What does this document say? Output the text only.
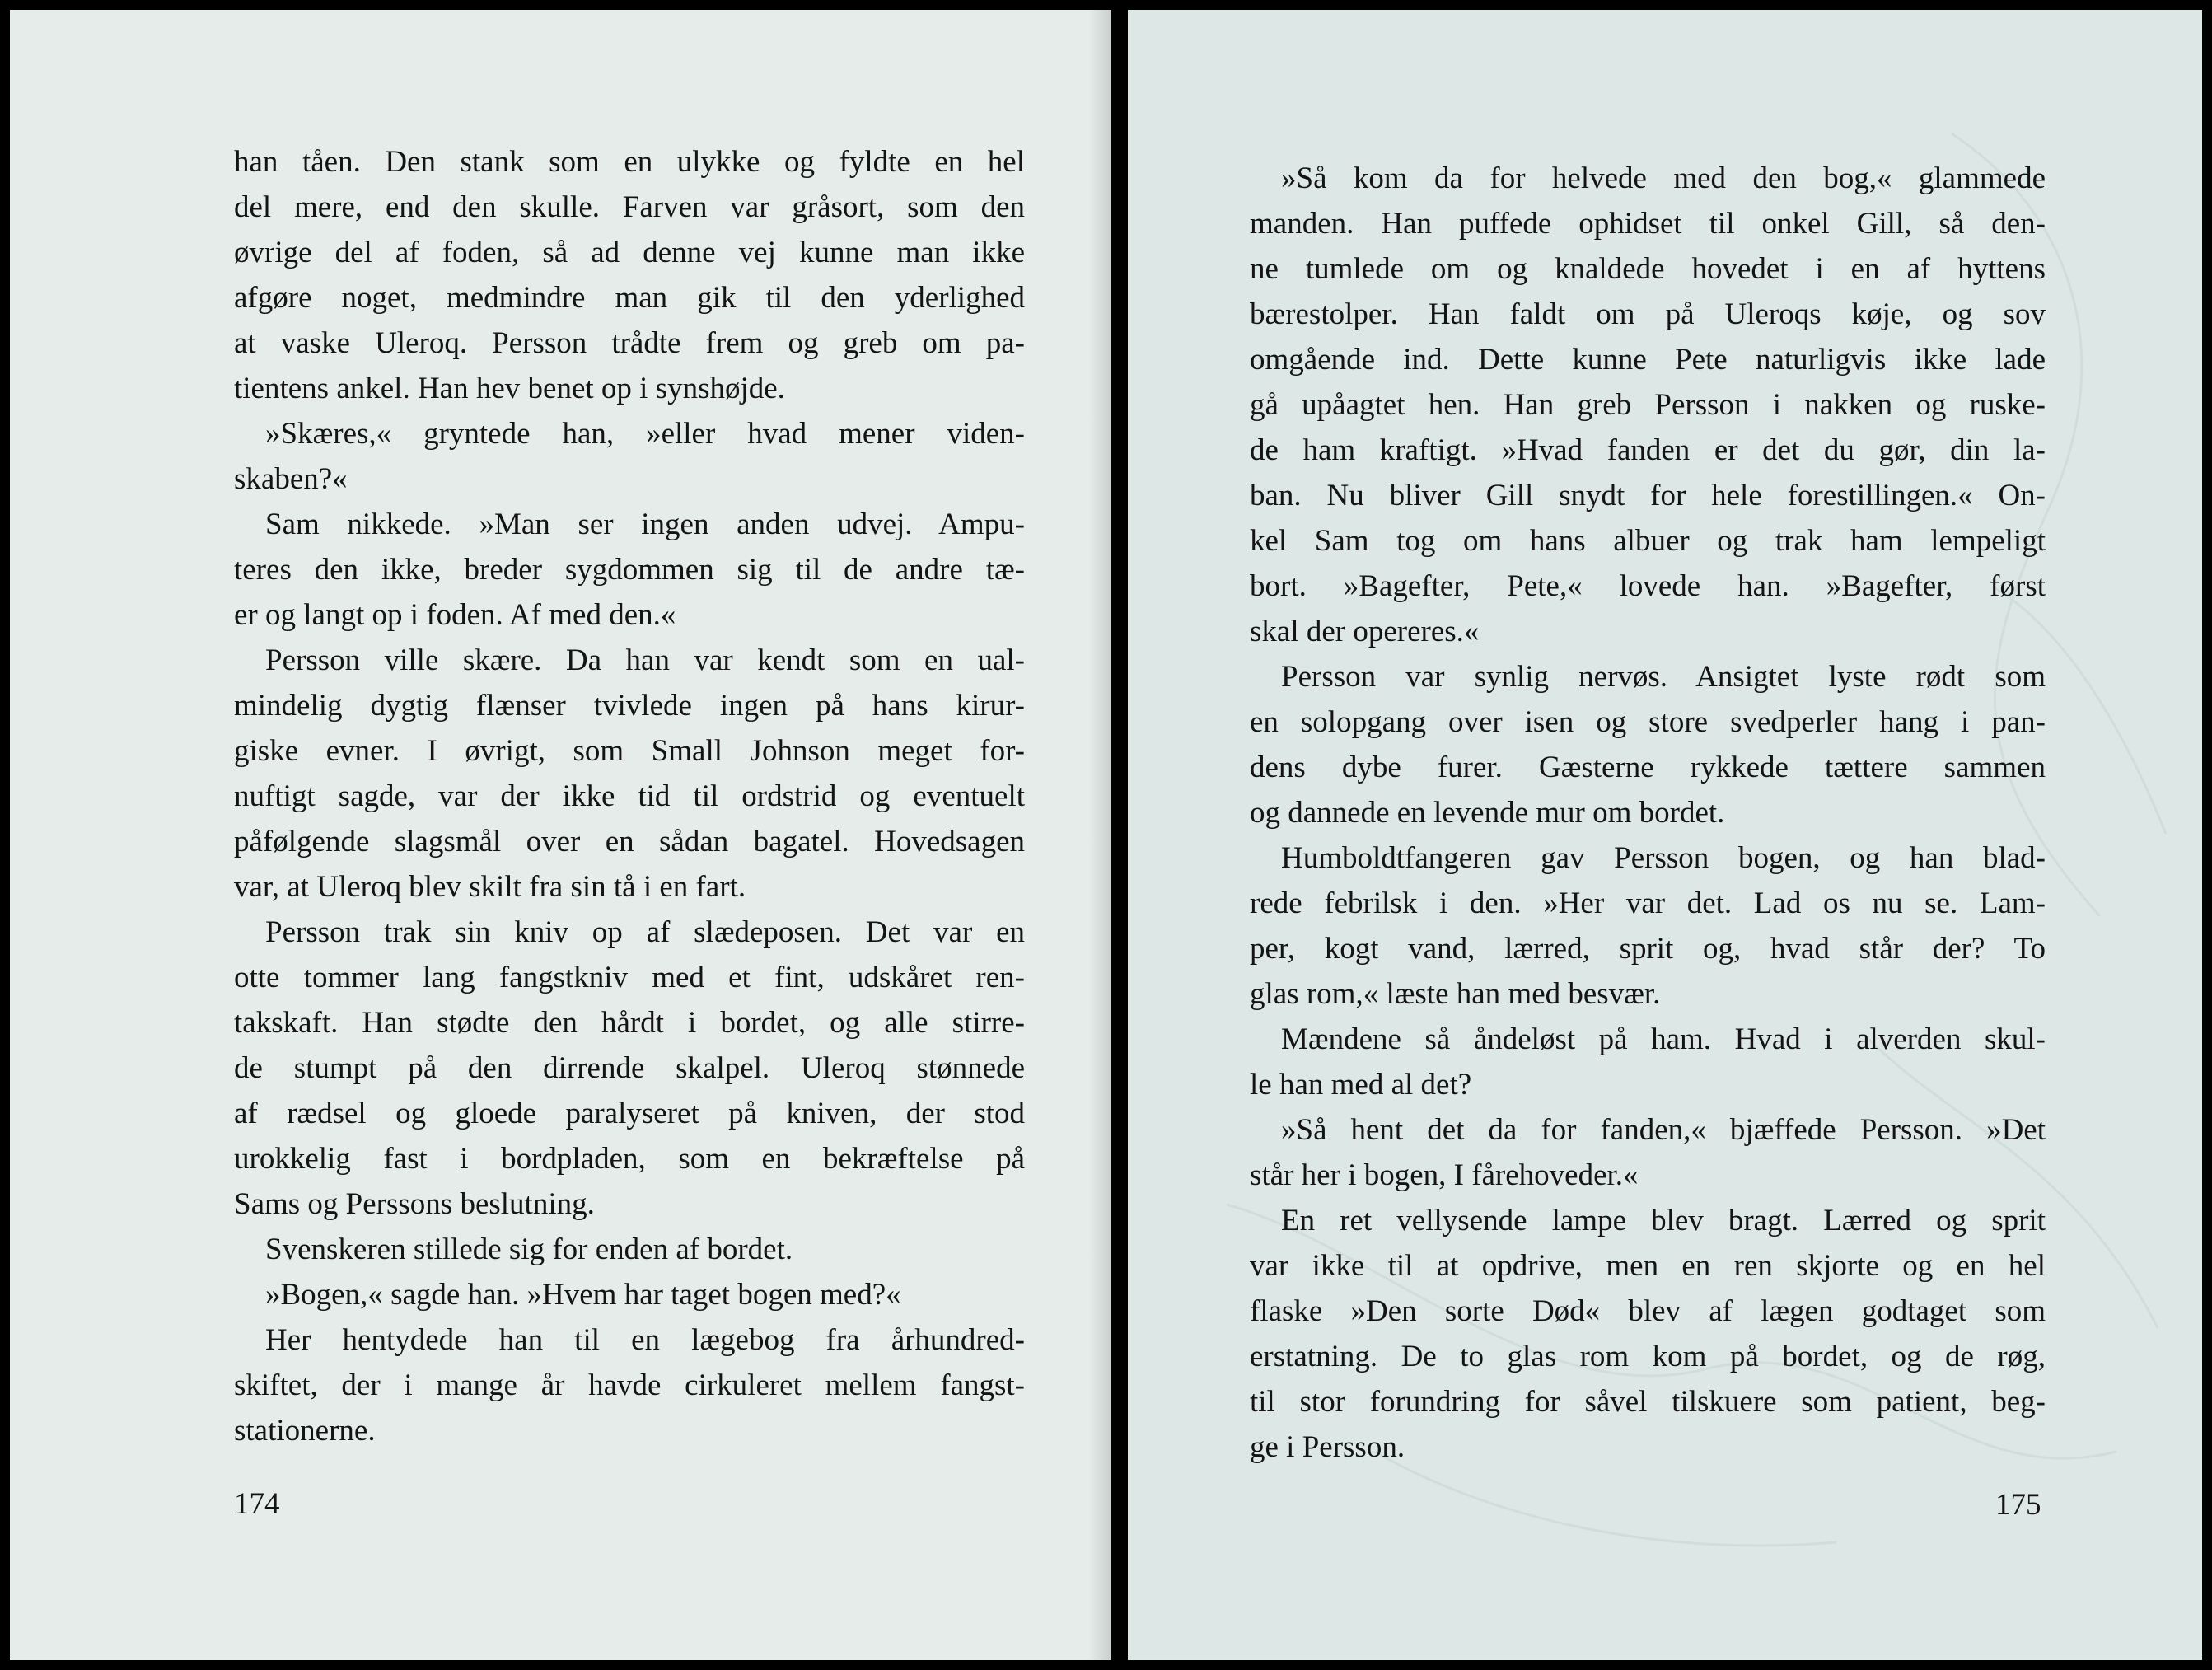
han tåen. Den stank som en ulykke og fyldte en hel
del mere, end den skulle. Farven var gråsort, som den
øvrige del af foden, så ad denne vej kunne man ikke
afgøre noget, medmindre man gik til den yderlighed
at vaske Uleroq. Persson trådte frem og greb om pa-
tientens ankel. Han hev benet op i synshøjde.
»Skæres,« gryntede han, »eller hvad mener viden-
skaben?«
Sam nikkede. »Man ser ingen anden udvej. Ampu-
teres den ikke, breder sygdommen sig til de andre tæ-
er og langt op i foden. Af med den.«
Persson ville skære. Da han var kendt som en ual-
mindelig dygtig flænser tvivlede ingen på hans kirur-
giske evner. I øvrigt, som Small Johnson meget for-
nuftigt sagde, var der ikke tid til ordstrid og eventuelt
påfølgende slagsmål over en sådan bagatel. Hovedsagen
var, at Uleroq blev skilt fra sin tå i en fart.
Persson trak sin kniv op af slædeposen. Det var en
otte tommer lang fangstkniv med et fint, udskåret ren-
takskaft. Han stødte den hårdt i bordet, og alle stirre-
de stumpt på den dirrende skalpel. Uleroq stønnede
af rædsel og gloede paralyseret på kniven, der stod
urokkelig fast i bordpladen, som en bekræftelse på
Sams og Perssons beslutning.
Svenskeren stillede sig for enden af bordet.
»Bogen,« sagde han. »Hvem har taget bogen med?«
Her hentydede han til en lægebog fra århundred-
skiftet, der i mange år havde cirkuleret mellem fangst-
stationerne.
174
»Så kom da for helvede med den bog,« glammede
manden. Han puffede ophidset til onkel Gill, så den-
ne tumlede om og knaldede hovedet i en af hyttens
bærestolper. Han faldt om på Uleroqs køje, og sov
omgående ind. Dette kunne Pete naturligvis ikke lade
gå upåagtet hen. Han greb Persson i nakken og ruske-
de ham kraftigt. »Hvad fanden er det du gør, din la-
ban. Nu bliver Gill snydt for hele forestillingen.« On-
kel Sam tog om hans albuer og trak ham lempeligt
bort. »Bagefter, Pete,« lovede han. »Bagefter, først
skal der opereres.«
Persson var synlig nervøs. Ansigtet lyste rødt som
en solopgang over isen og store svedperler hang i pan-
dens dybe furer. Gæsterne rykkede tættere sammen
og dannede en levende mur om bordet.
Humboldtfangeren gav Persson bogen, og han blad-
rede febrilsk i den. »Her var det. Lad os nu se. Lam-
per, kogt vand, lærred, sprit og, hvad står der? To
glas rom,« læste han med besvær.
Mændene så åndeløst på ham. Hvad i alverden skul-
le han med al det?
»Så hent det da for fanden,« bjæffede Persson. »Det
står her i bogen, I fårehoveder.«
En ret vellysende lampe blev bragt. Lærred og sprit
var ikke til at opdrive, men en ren skjorte og en hel
flaske »Den sorte Død« blev af lægen godtaget som
erstatning. De to glas rom kom på bordet, og de røg,
til stor forundring for såvel tilskuere som patient, beg-
ge i Persson.
175
